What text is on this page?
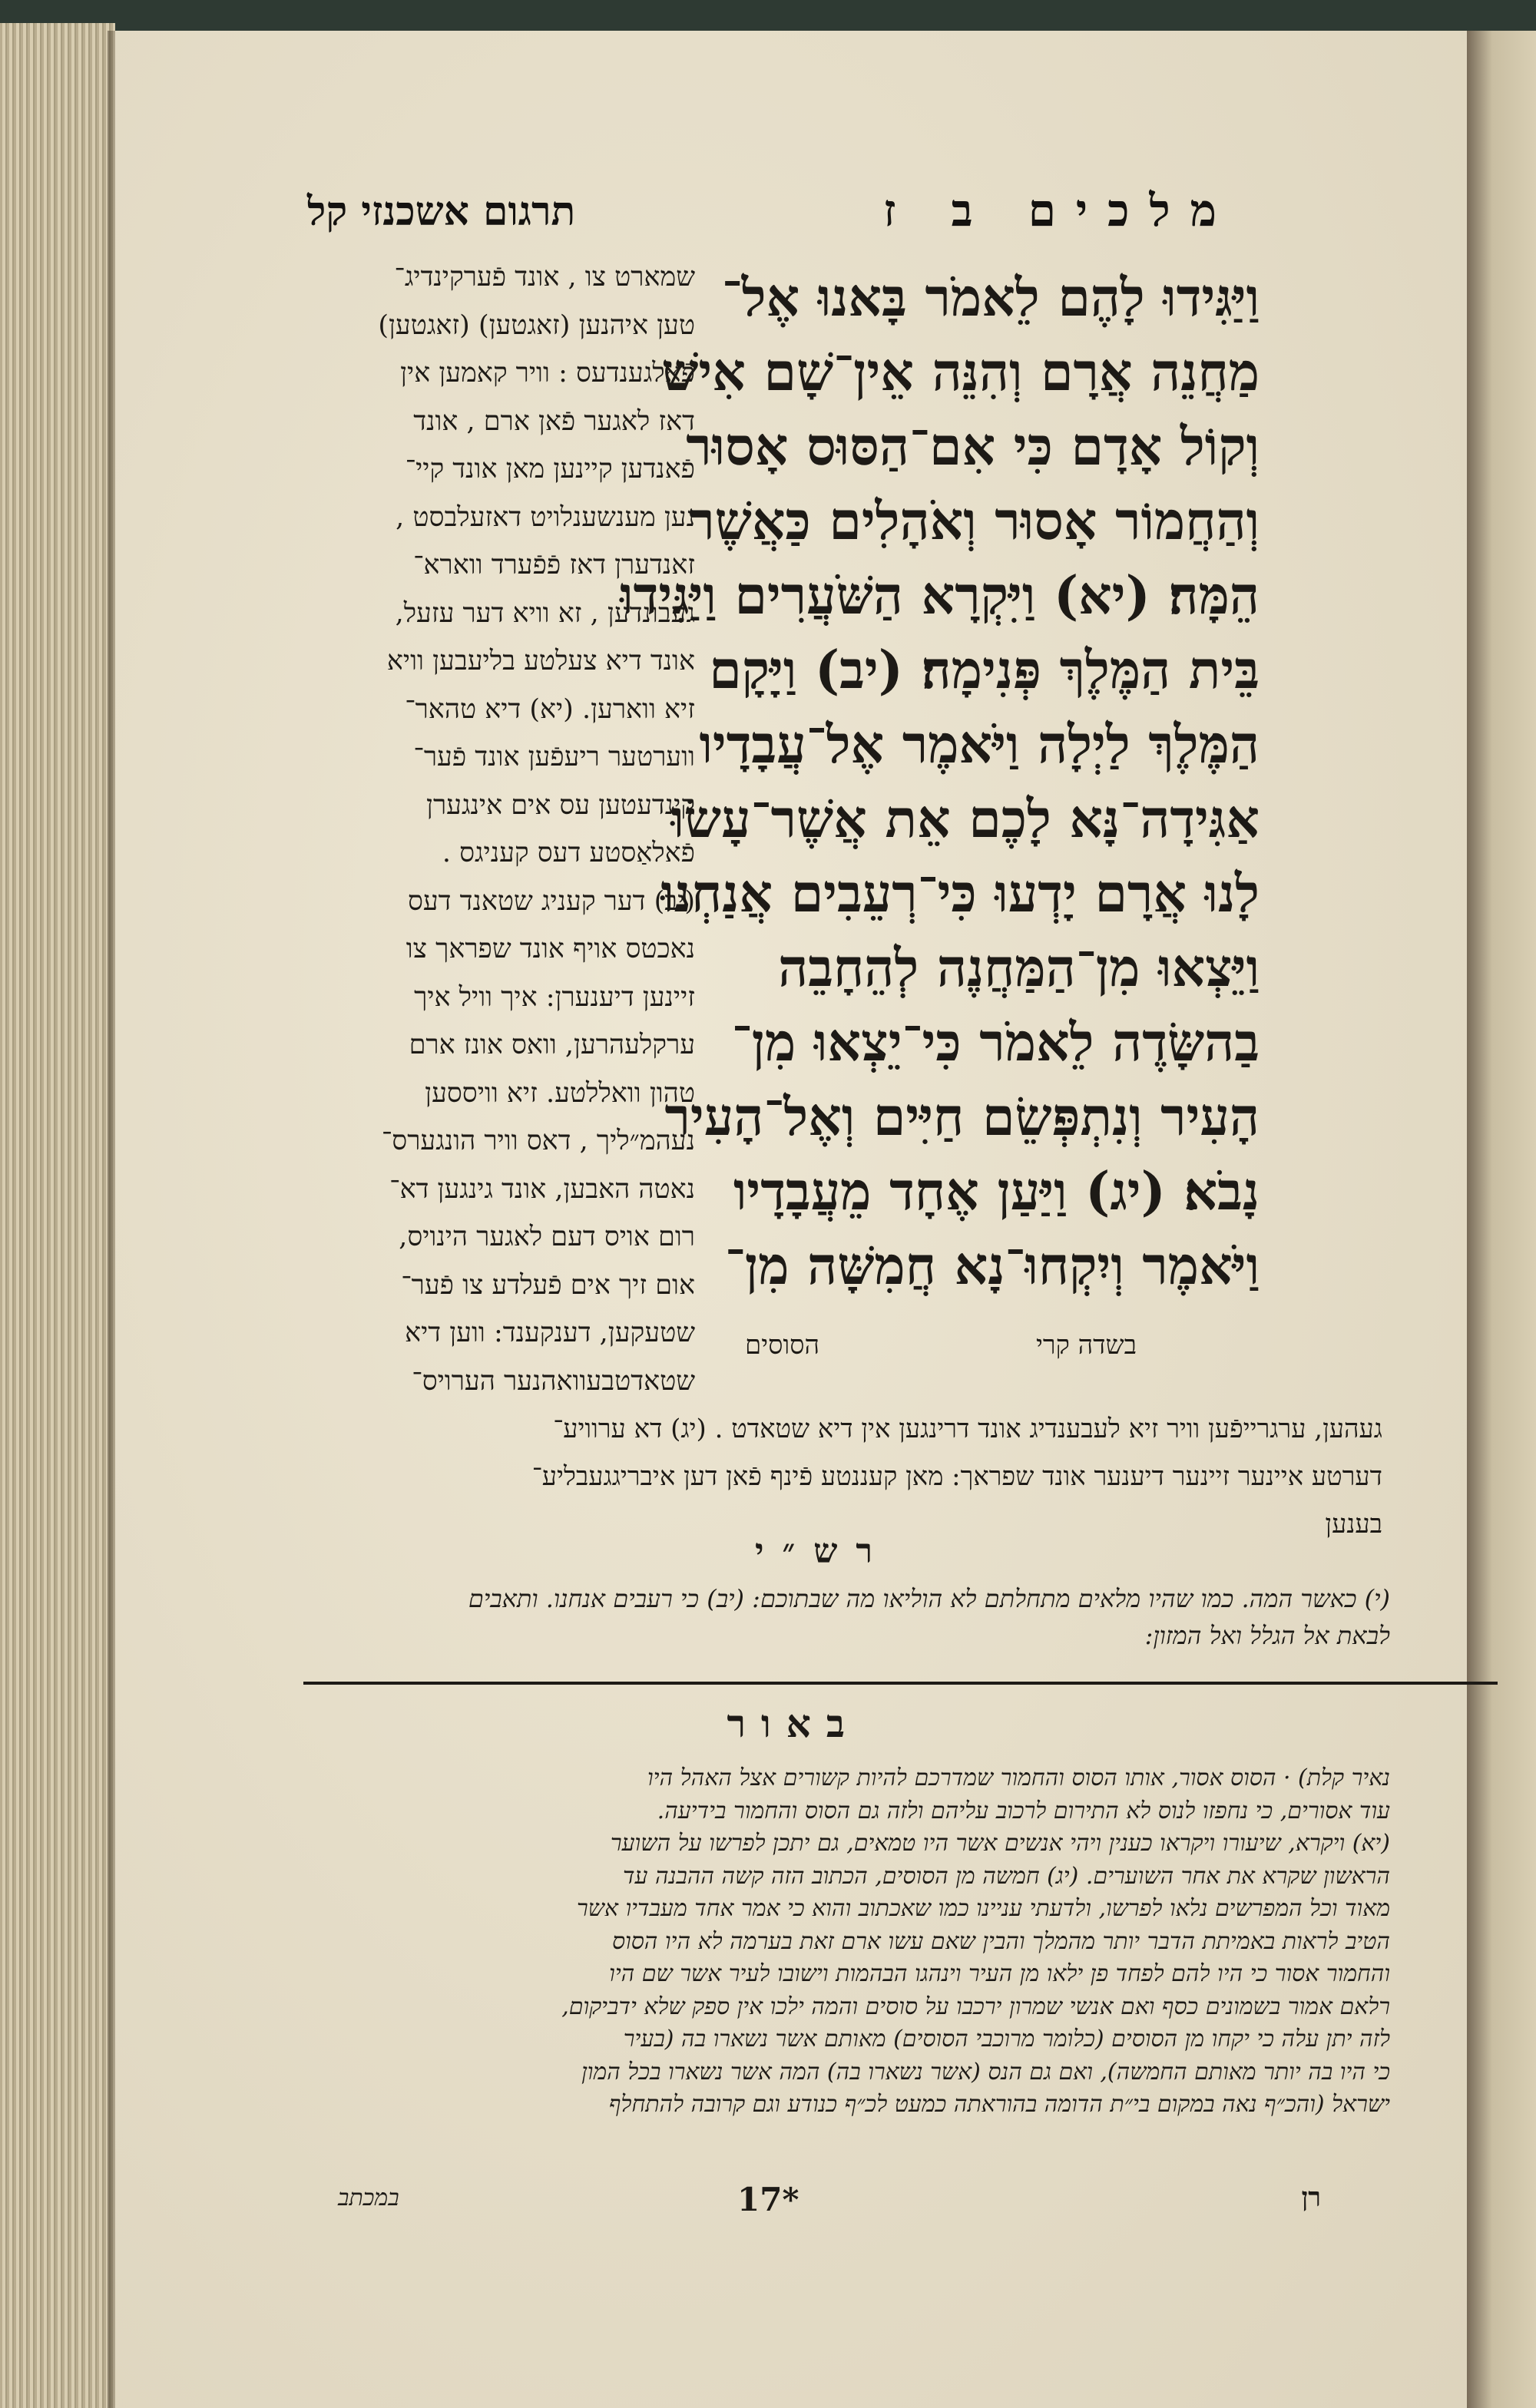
מלכים ב ז
תרגום אשכנזי קל
וַיַּגִּידוּ לָהֶם לֵאמֹר בָּאנוּ אֶל־
מַחֲנֵה אֲרָם וְהִנֵּה אֵין־שָׁם אִישׁ
וְקוֹל אָדָם כִּי אִם־הַסּוּס אָסוּר
וְהַחֲמוֹר אָסוּר וְאֹהָלִים כַּאֲשֶׁר
הֵמָּה׃ (יא) וַיִּקְרָא הַשֹּׁעֲרִים וַיַּגִּידוּ
בֵּית הַמֶּלֶךְ פְּנִימָה׃ (יב) וַיָּקָם
הַמֶּלֶךְ לַיְלָה וַיֹּאמֶר אֶל־עֲבָדָיו
אַגִּידָה־נָּא לָכֶם אֵת אֲשֶׁר־עָשׂוּ
לָנוּ אֲרָם יָדְעוּ כִּי־רְעֵבִים אֲנַחְנוּ
וַיֵּצְאוּ מִן־הַמַּחֲנֶה לְהֵחָבֵה
בַהשָּׂדֶה לֵאמֹר כִּי־יֵצְאוּ מִן־
הָעִיר וְנִתְפְּשֵׂם חַיִּים וְאֶל־הָעִיר
נָבֹא׃ (יג) וַיַּעַן אֶחָד מֵעֲבָדָיו
וַיֹּאמֶר וְיִקְחוּ־נָא חֲמִשָּׁה מִן־
שמארט צו , אונד פֿערקינדיג־
טען איהנען (זאגטען) (זאגטען)
פֿאלגענדעס : וויר קאמען אין
דאז לאגער פֿאן ארם , אונד
פֿאנדען קיינען מאן אונד קיי־
נען מענשענלויט דאזעלבסט ,
זאנדערן דאז פֿפֿערד ווארא־
געבונדען , זא וויא דער עזעל,
אונד דיא צעלטע בליעבען וויא
זיא ווארען. (יא) דיא טהאר־
ווערטער ריעפֿען אונד פֿער־
קינדעטען עס אים אינגערן
פֿאלאַסטע דעס קעניגס .
(יב) דער קעניג שטאנד דעס
נאכטס אויף אונד שפראך צו
זיינען דיענערן: איך וויל איך
ערקלעהרען, וואס אונז ארם
טהון וואללטע. זיא וויססען
נעהמ״ליך , דאס וויר הונגערס־
נאטה האבען, אונד גינגען דא־
רום אויס דעם לאגער הינויס,
אום זיך אים פֿעלדע צו פֿער־
שטעקען, דענקענד: ווען דיא
שטאדטבעוואהנער הערויס־
הסוסים	בשדה קרי
געהען, ערגרייפֿען וויר זיא לעבענדיג אונד דרינגען אין דיא שטאדט . (יג) דא ערוויע־
דערטע איינער זיינער דיענער אונד שפראך: מאן קעננטע פֿינף פֿאן דען איבריגגעבליע־
בענען
רש״י
(י) כאשר המה. כמו שהיו מלאים מתחלתם לא הוליאו מה שבתוכם: (יב) כי רעבים אנחנו. ותאבים
לבאת אל הגלל ואל המזון:
באור
נאיר קלת) · הסוס אסור, אותו הסוס והחמור שמדרכם להיות קשורים אצל האהל היו
עוד אסורים, כי נחפזו לנוס לא התירום לרכוב עליהם ולזה גם הסוס והחמור בידיעה.
(יא) ויקרא, שיעורו ויקראו כענין ויהי אנשים אשר היו טמאים, גם יתכן לפרשו על השוער
הראשון שקרא את אחר השוערים. (יג) חמשה מן הסוסים, הכתוב הזה קשה ההבנה עד
מאוד וכל המפרשים נלאו לפרשו, ולדעתי עניינו כמו שאכתוב והוא כי אמר אחד מעבדיו אשר
הטיב לראות באמיתת הדבר יותר מהמלך והבין שאם עשו ארם זאת בערמה לא היו הסוס
והחמור אסור כי היו להם לפחד פן ילאו מן העיר וינהגו הבהמות וישובו לעיר אשר שם היו
רלאם אמור בשמונים כסף ואם אנשי שמרון ירכבו על סוסים והמה ילכו אין ספק שלא ידביקום,
לזה יתן עלה כי יקחו מן הסוסים (כלומר מרוכבי הסוסים) מאותם אשר נשארו בה (בעיר
כי היו בה יותר מאותם החמשה), ואם גם הנס (אשר נשארו בה) המה אשר נשארו בכל המון
ישראל (והכ״ף נאה במקום בי״ת הדומה בהוראתה כמעט לכ״ף כנודע וגם קרובה להתחלף
במכתב	17*	רן
